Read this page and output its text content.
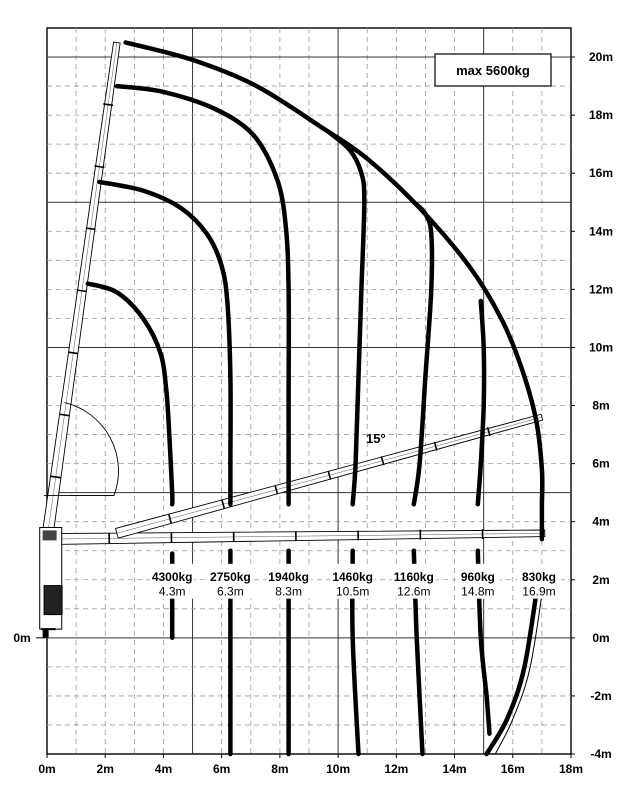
0m	2m	4m	6m	8m	10m	12m	14m	16m	18m
20m
18m
16m
14m
12m
10m
8m
6m
4m
2m
0m
-2m
-4m
0m
4300kg
4.3m
2750kg
6.3m
1940kg
8.3m
1460kg
10.5m
1160kg
12.6m
960kg
14.8m
830kg
16.9m
max 5600kg
15°
